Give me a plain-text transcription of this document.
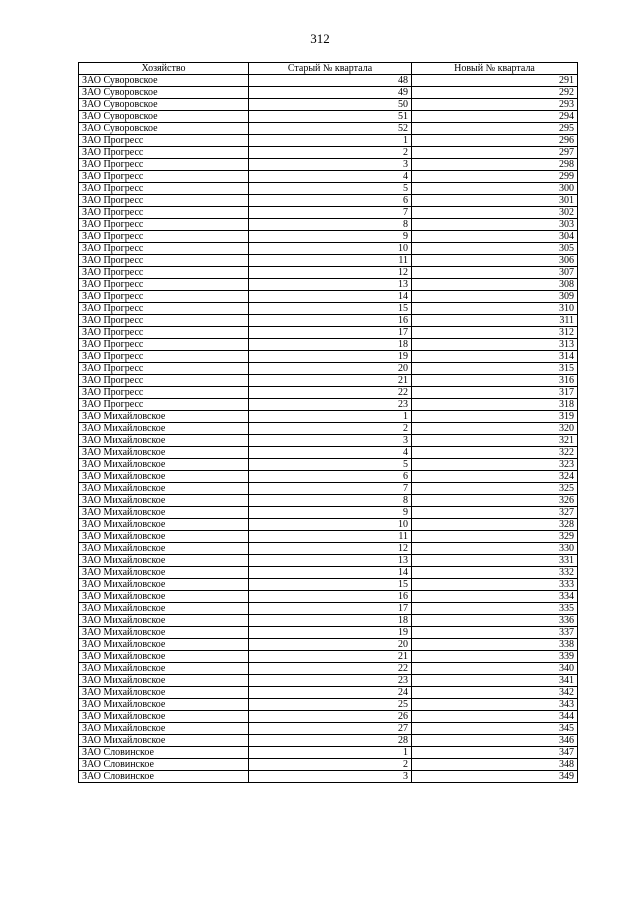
312
Хозяйство	Старый № квартала	Новый № квартала
ЗАО Суворовское	48	291
ЗАО Суворовское	49	292
ЗАО Суворовское	50	293
ЗАО Суворовское	51	294
ЗАО Суворовское	52	295
ЗАО Прогресс	1	296
ЗАО Прогресс	2	297
ЗАО Прогресс	3	298
ЗАО Прогресс	4	299
ЗАО Прогресс	5	300
ЗАО Прогресс	6	301
ЗАО Прогресс	7	302
ЗАО Прогресс	8	303
ЗАО Прогресс	9	304
ЗАО Прогресс	10	305
ЗАО Прогресс	11	306
ЗАО Прогресс	12	307
ЗАО Прогресс	13	308
ЗАО Прогресс	14	309
ЗАО Прогресс	15	310
ЗАО Прогресс	16	311
ЗАО Прогресс	17	312
ЗАО Прогресс	18	313
ЗАО Прогресс	19	314
ЗАО Прогресс	20	315
ЗАО Прогресс	21	316
ЗАО Прогресс	22	317
ЗАО Прогресс	23	318
ЗАО Михайловское	1	319
ЗАО Михайловское	2	320
ЗАО Михайловское	3	321
ЗАО Михайловское	4	322
ЗАО Михайловское	5	323
ЗАО Михайловское	6	324
ЗАО Михайловское	7	325
ЗАО Михайловское	8	326
ЗАО Михайловское	9	327
ЗАО Михайловское	10	328
ЗАО Михайловское	11	329
ЗАО Михайловское	12	330
ЗАО Михайловское	13	331
ЗАО Михайловское	14	332
ЗАО Михайловское	15	333
ЗАО Михайловское	16	334
ЗАО Михайловское	17	335
ЗАО Михайловское	18	336
ЗАО Михайловское	19	337
ЗАО Михайловское	20	338
ЗАО Михайловское	21	339
ЗАО Михайловское	22	340
ЗАО Михайловское	23	341
ЗАО Михайловское	24	342
ЗАО Михайловское	25	343
ЗАО Михайловское	26	344
ЗАО Михайловское	27	345
ЗАО Михайловское	28	346
ЗАО Словинское	1	347
ЗАО Словинское	2	348
ЗАО Словинское	3	349
